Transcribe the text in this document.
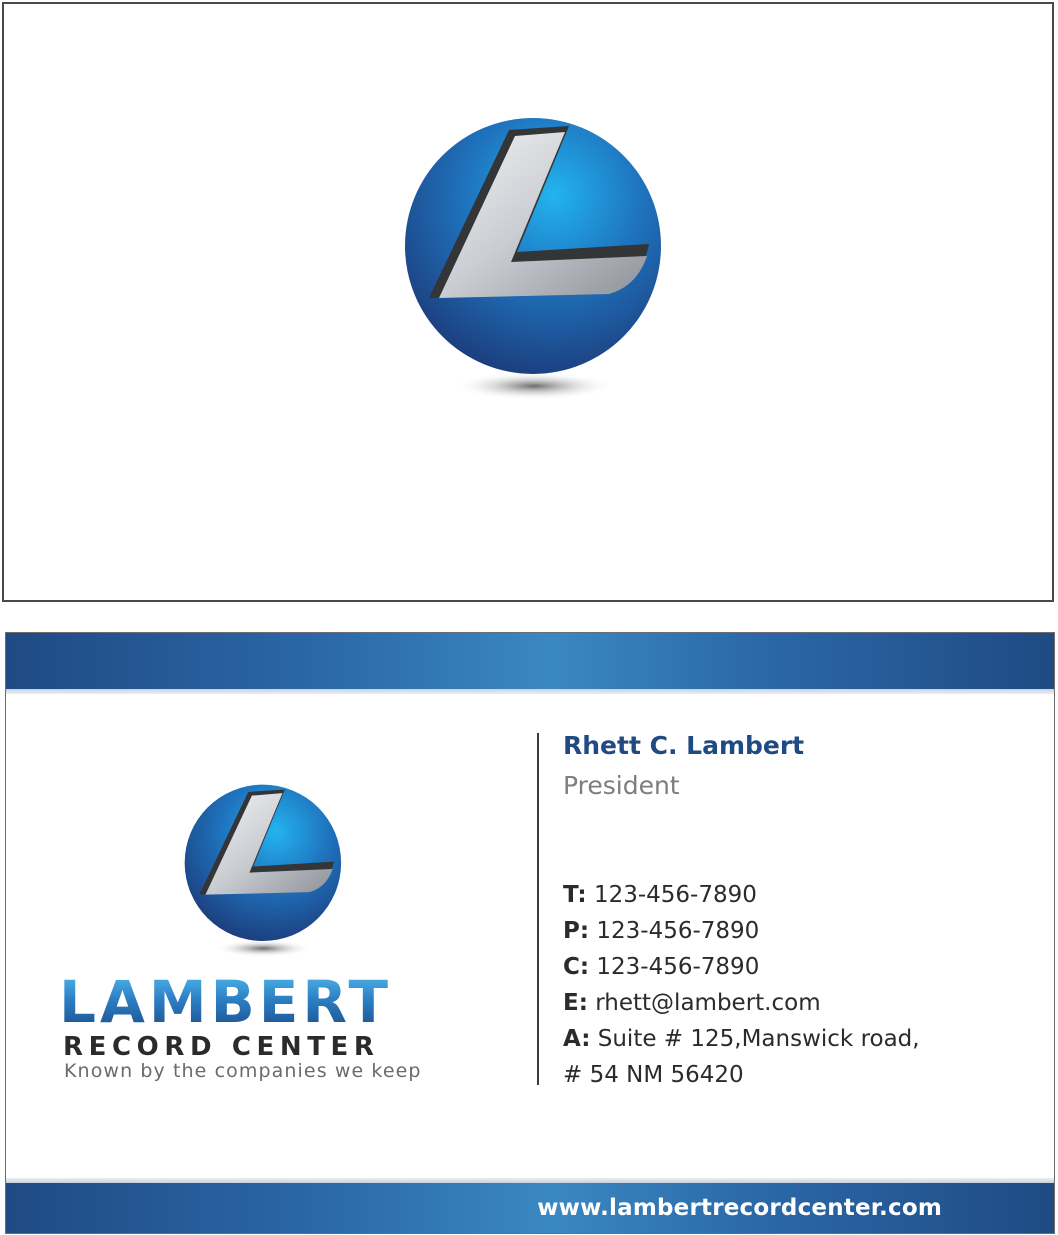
LAMBERT
RECORD CENTER
Known by the companies we keep
Rhett C. Lambert
President
T: 123-456-7890
P: 123-456-7890
C: 123-456-7890
E: rhett@lambert.com
A: Suite # 125,Manswick road,
# 54 NM 56420
www.lambertrecordcenter.com
